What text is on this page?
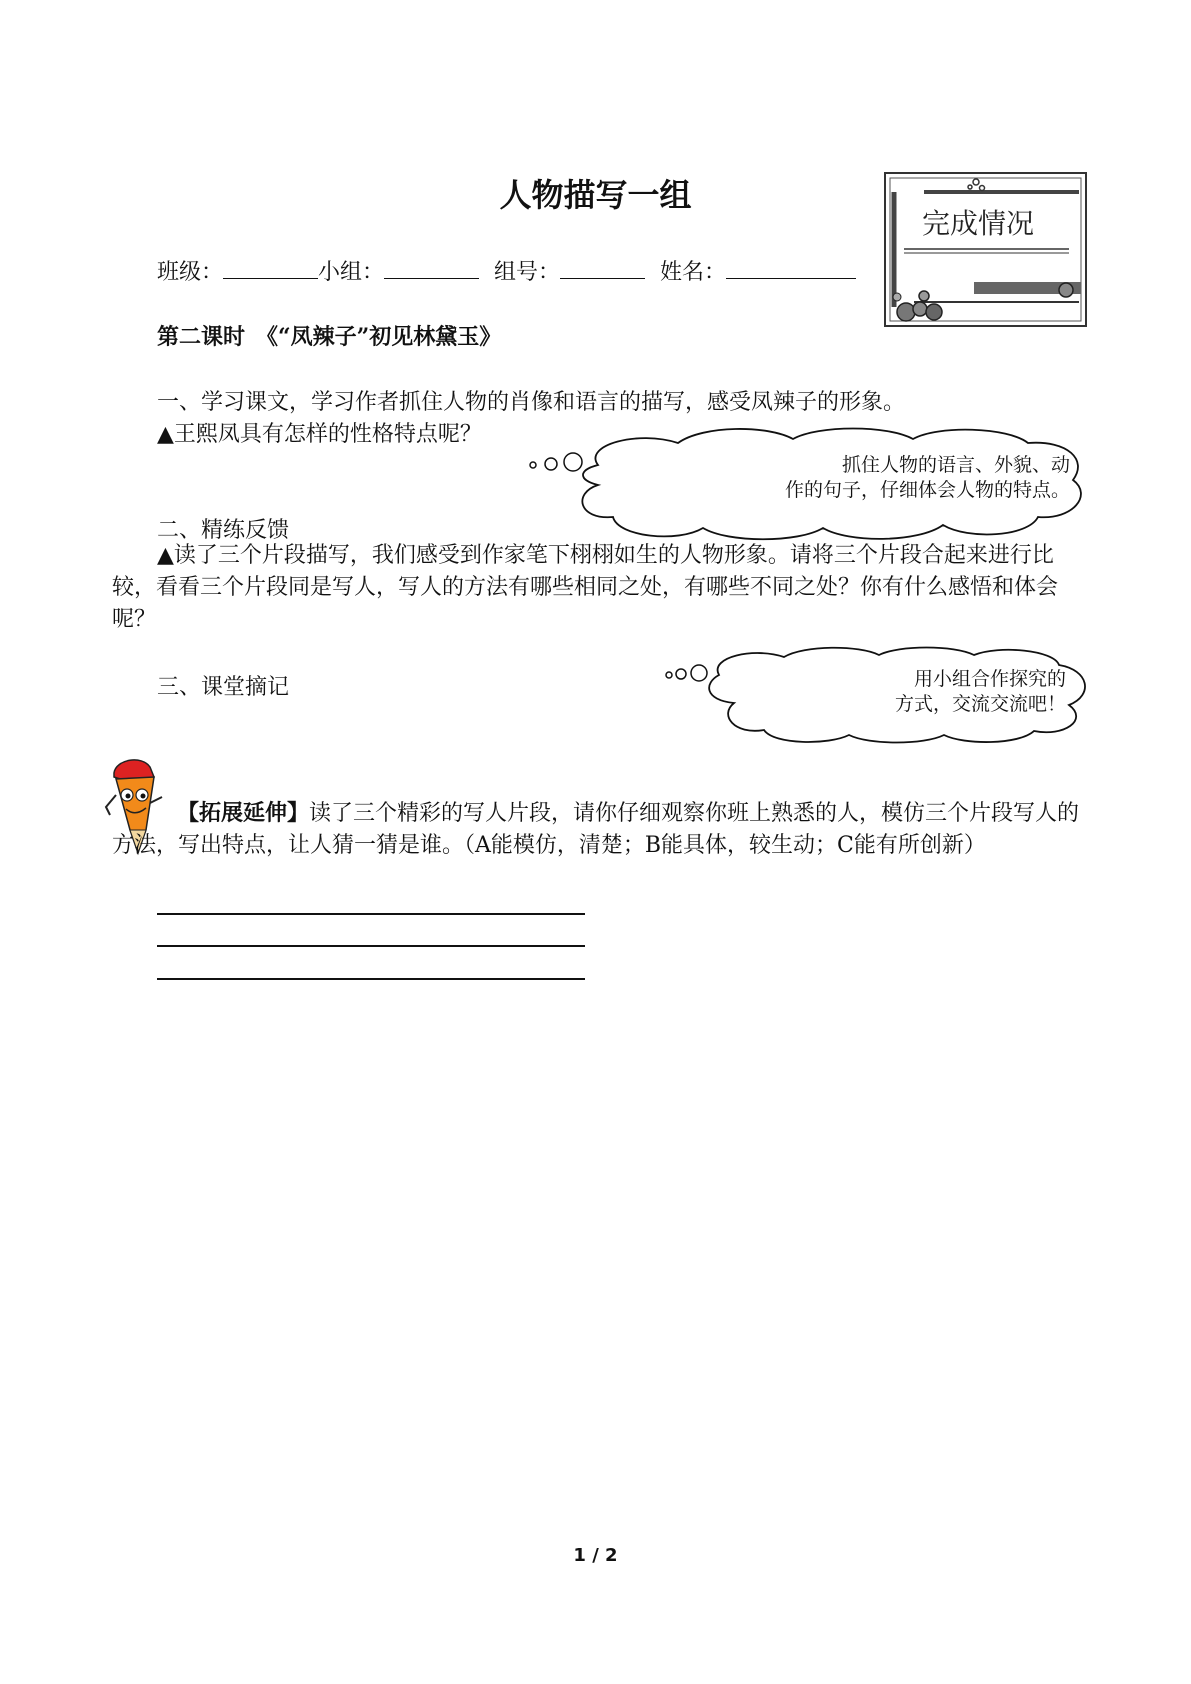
人物描写一组
完成情况
班级：	小组：	组号：	姓名：
第二课时　《“凤辣子”初见林黛玉》
一、学习课文，学习作者抓住人物的肖像和语言的描写，感受凤辣子的形象。
▲王熙凤具有怎样的性格特点呢？
抓住人物的语言、外貌、动
作的句子，仔细体会人物的特点。
二、精练反馈
▲读了三个片段描写，我们感受到作家笔下栩栩如生的人物形象。请将三个片段合起来进行比较，看看三个片段同是写人，写人的方法有哪些相同之处，有哪些不同之处？你有什么感悟和体会呢？
三、课堂摘记	用小组合作探究的
方式，交流交流吧！
【拓展延伸】读了三个精彩的写人片段，请你仔细观察你班上熟悉的人，模仿三个片段写人的方法，写出特点，让人猜一猜是谁。（A能模仿，清楚；B能具体，较生动；C能有所创新）
1 / 2
